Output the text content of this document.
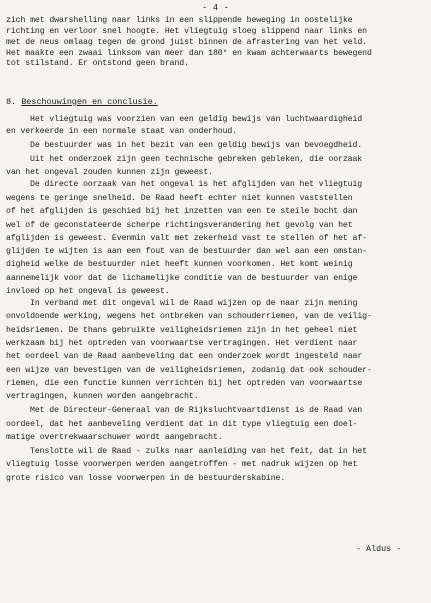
- 4 -
zich met dwarshelling naar links in een slippende beweging in oostelijke
richting en verloor snel hoogte. Het vliegtuig sloeg slippend naar links en
met de neus omlaag tegen de grond juist binnen de afrastering van het veld.
Het maakte een zwaai linksom van meer dan 180° en kwam achterwaarts bewegend
tot stilstand. Er ontstond geen brand.
8. Beschouwingen en conclusie.
Het vliegtuig was voorzien van een geldig bewijs van luchtwaardigheid
en verkeerde in een normale staat van onderhoud.
De bestuurder was in het bezit van een geldig bewijs van bevoegdheid.
Uit het onderzoek zijn geen technische gebreken gebleken, die oorzaak
van het ongeval zouden kunnen zijn geweest.
De directe oorzaak van het ongeval is het afglijden van het vliegtuig
wegens te geringe snelheid. De Raad heeft echter niet kunnen vaststellen
of het afglijden is geschied bij het inzetten van een te steile bocht dan
wel of de geconstateerde scherpe richtingsverandering het gevolg van het
afglijden is geweest. Evenmin valt met zekerheid vast te stellen of het af-
glijden te wijten is aan een fout van de bestuurder dan wel aan een omstan-
digheid welke de bestuurder niet heeft kunnen voorkomen. Het komt weinig
aannemelijk voor dat de lichamelijke conditie van de bestuurder van enige
invloed op het ongeval is geweest.
In verband met dit ongeval wil de Raad wijzen op de naar zijn mening
onvoldoende werking, wegens het ontbreken van schouderriemen, van de veilig-
heidsriemen. De thans gebruikte veiligheidsriemen zijn in het geheel niet
werkzaam bij het optreden van voorwaartse vertragingen. Het verdient naar
het oordeel van de Raad aanbeveling dat een onderzoek wordt ingesteld naar
een wijze van bevestigen van de veiligheidsriemen, zodanig dat ook schouder-
riemen, die een functie kunnen verrichten bij het optreden van voorwaartse
vertragingen, kunnen worden aangebracht.
Met de Directeur-Generaal van de Rijksluchtvaartdienst is de Raad van
oordeel, dat het aanbeveling verdient dat in dit type vliegtuig een doel-
matige overtrekwaarschuwer wordt aangebracht.
Tenslotte wil de Raad - zulks naar aanleiding van het feit, dat in het
vliegtuig losse voorwerpen werden aangetroffen - met nadruk wijzen op het
grote risico van losse voorwerpen in de bestuurderskabine.
- Aldus -
